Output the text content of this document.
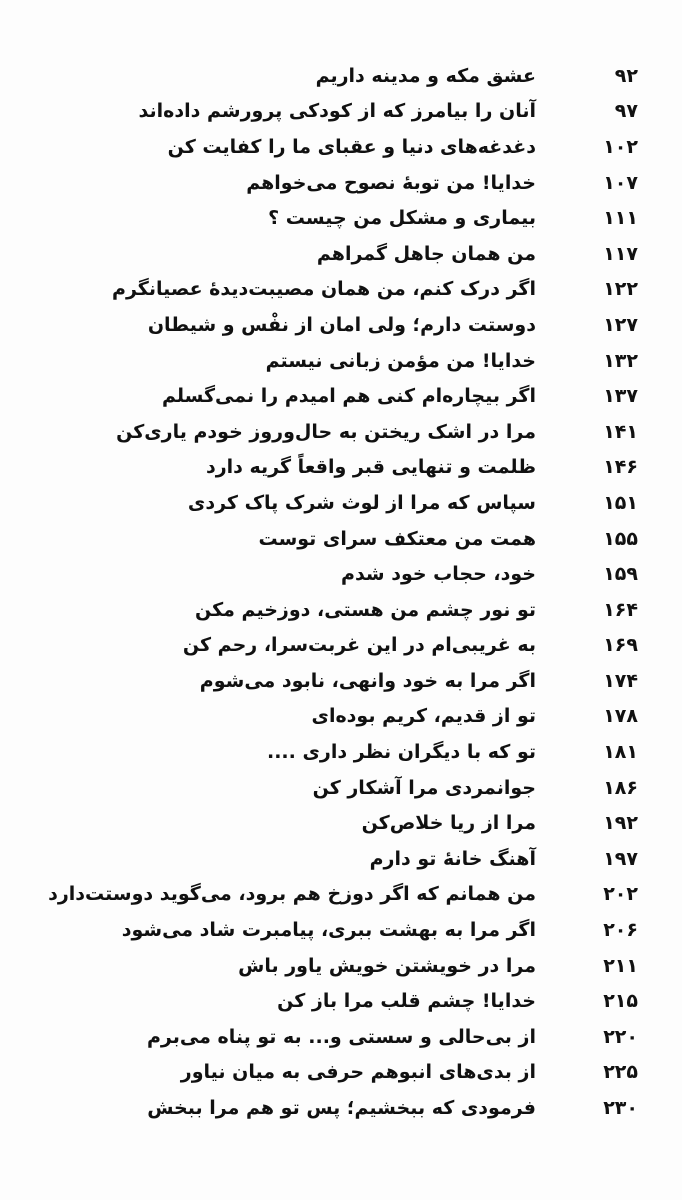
۹۲
عشق مکه و مدینه داریم
۹۷
آنان را بیامرز که از کودکی پرورشم داده‌اند
۱۰۲
دغدغه‌های دنیا و عقبای ما را کفایت کن
۱۰۷
خدایا! من توبهٔ نصوح می‌خواهم
۱۱۱
بیماری و مشکل من چیست ؟
۱۱۷
من همان جاهل گمراهم
۱۲۲
اگر درک کنم، من همان مصیبت‌دیدهٔ عصیانگرم
۱۲۷
دوستت دارم؛ ولی امان از نفْس و شیطان
۱۳۲
خدایا! من مؤمن زبانی نیستم
۱۳۷
اگر بیچاره‌ام کنی هم امیدم را نمی‌گسلم
۱۴۱
مرا در اشک ریختن به حال‌وروز خودم یاری‌کن
۱۴۶
ظلمت و تنهایی قبر واقعاً گریه دارد
۱۵۱
سپاس که مرا از لوث شرک پاک کردی
۱۵۵
همت من معتکف سرای توست
۱۵۹
خود، حجاب خود شدم
۱۶۴
تو نور چشم من هستی، دوزخیم مکن
۱۶۹
به غریبی‌ام در این غربت‌سرا، رحم کن
۱۷۴
اگر مرا به خود وانهی، نابود می‌شوم
۱۷۸
تو از قدیم، کریم بوده‌ای
۱۸۱
تو که با دیگران نظر داری ....
۱۸۶
جوانمردی مرا آشکار کن
۱۹۲
مرا از ریا خلاص‌کن
۱۹۷
آهنگ خانهٔ تو دارم
۲۰۲
من همانم که اگر دوزخ هم برود، می‌گوید دوستت‌دارد
۲۰۶
اگر مرا به بهشت ببری، پیامبرت شاد می‌شود
۲۱۱
مرا در خویشتن خویش یاور باش
۲۱۵
خدایا! چشم قلب مرا باز کن
۲۲۰
از بی‌حالی و سستی و... به تو پناه می‌برم
۲۲۵
از بدی‌های انبوهم حرفی به میان نیاور
۲۳۰
فرمودی که ببخشیم؛ پس تو هم مرا ببخش
